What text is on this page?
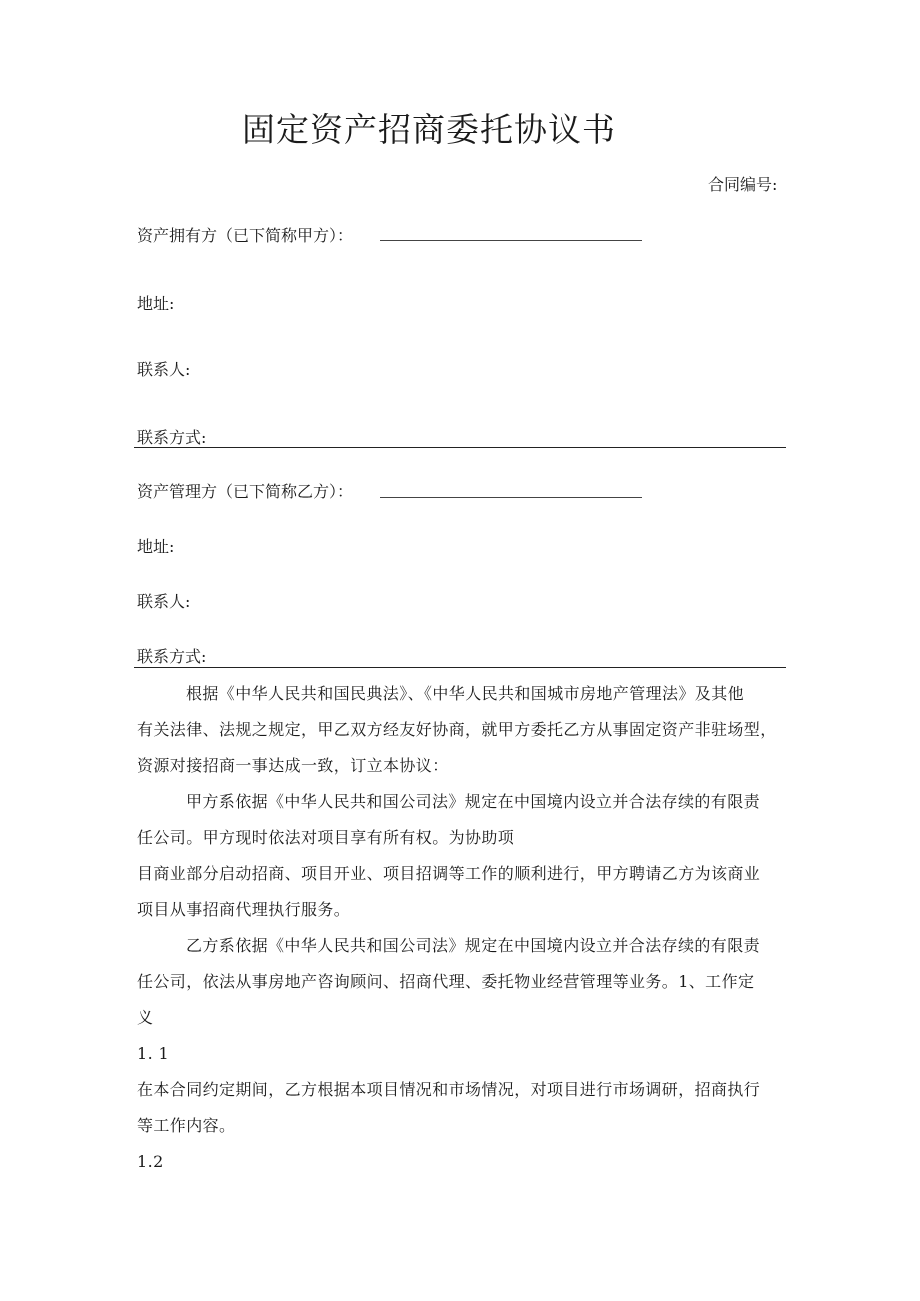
固定资产招商委托协议书
合同编号:
资产拥有方（已下简称甲方）：
地址:
联系人:
联系方式:
资产管理方（已下简称乙方）：
地址:
联系人:
联系方式:
根据《中华人民共和国民典法》、《中华人民共和国城市房地产管理法》及其他
有关法律、法规之规定，甲乙双方经友好协商，就甲方委托乙方从事固定资产非驻场型，
资源对接招商一事达成一致，订立本协议：
甲方系依据《中华人民共和国公司法》规定在中国境内设立并合法存续的有限责
任公司。甲方现时依法对项目享有所有权。为协助项
目商业部分启动招商、项目开业、项目招调等工作的顺利进行，甲方聘请乙方为该商业
项目从事招商代理执行服务。
乙方系依据《中华人民共和国公司法》规定在中国境内设立并合法存续的有限责
任公司，依法从事房地产咨询顾问、招商代理、委托物业经营管理等业务。1、工作定
义
1. 1
在本合同约定期间，乙方根据本项目情况和市场情况，对项目进行市场调研，招商执行
等工作内容。
1.2
